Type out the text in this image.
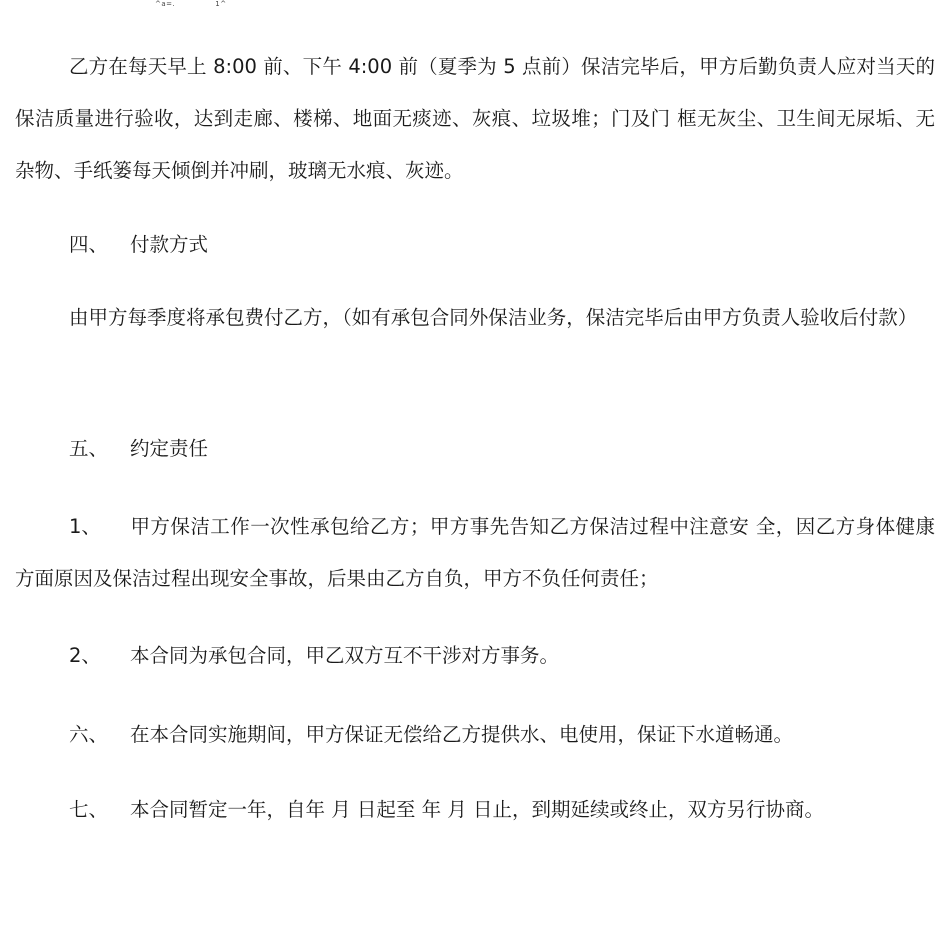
^a=.	1^

乙方在每天早上 8:00 前、下午 4:00 前（夏季为 5 点前）保洁完毕后，甲方后勤负责人应对当天的保洁质量进行验收，达到走廊、楼梯、地面无痰迹、灰痕、垃圾堆；门及门 框无灰尘、卫生间无尿垢、无杂物、手纸篓每天倾倒并冲刷，玻璃无水痕、灰迹。

四、 付款方式

由甲方每季度将承包费付乙方，（如有承包合同外保洁业务，保洁完毕后由甲方负责人验收后付款）

五、 约定责任

1、 甲方保洁工作一次性承包给乙方；甲方事先告知乙方保洁过程中注意安 全，因乙方身体健康方面原因及保洁过程出现安全事故，后果由乙方自负，甲方不负任何责任；

2、 本合同为承包合同，甲乙双方互不干涉对方事务。

六、 在本合同实施期间，甲方保证无偿给乙方提供水、电使用，保证下水道畅通。

七、 本合同暂定一年，自年 月 日起至 年 月 日止，到期延续或终止，双方另行协商。
